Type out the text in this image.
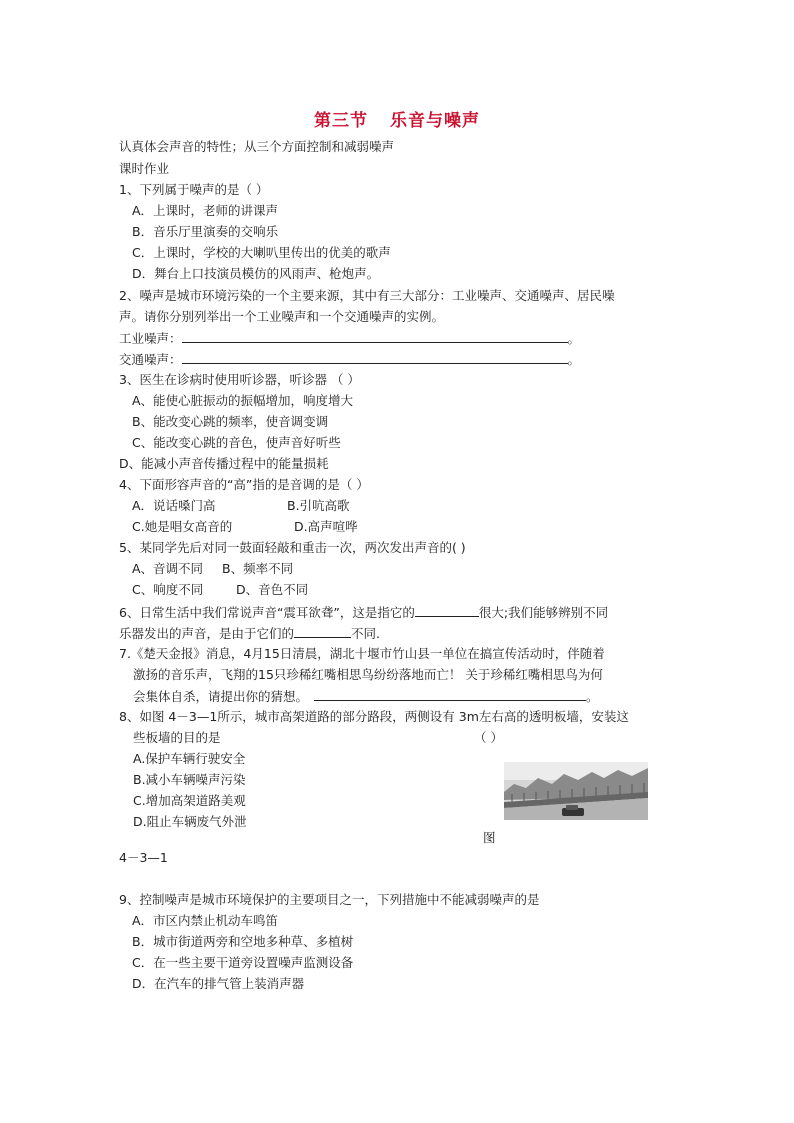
第三节 乐音与噪声
认真体会声音的特性；从三个方面控制和减弱噪声
课时作业
1、下列属于噪声的是（ ）
A．上课时，老师的讲课声
B．音乐厅里演奏的交响乐
C．上课时，学校的大喇叭里传出的优美的歌声
D．舞台上口技演员模仿的风雨声、枪炮声。
2、噪声是城市环境污染的一个主要来源，其中有三大部分：工业噪声、交通噪声、居民噪
声。请你分别列举出一个工业噪声和一个交通噪声的实例。
工业噪声：	。
交通噪声：	。
3、医生在诊病时使用听诊器，听诊器 （ ）
A、能使心脏振动的振幅增加，响度增大
B、能改变心跳的频率，使音调变调
C、能改变心跳的音色，使声音好听些
D、能减小声音传播过程中的能量损耗
4、下面形容声音的“高”指的是音调的是（ ）
A．说话嗓门高	B.引吭高歌
C.她是唱女高音的	D.高声喧哗
5、某同学先后对同一鼓面轻敲和重击一次，两次发出声音的( )
A、音调不同 B、频率不同
C、响度不同	D、音色不同
6、日常生活中我们常说声音“震耳欲聋”，这是指它的	很大;我们能够辨别不同
乐器发出的声音，是由于它们的	不同.
7.《楚天金报》消息，4月15日清晨，湖北十堰市竹山县一单位在搞宣传活动时，伴随着
激扬的音乐声，飞翔的15只珍稀红嘴相思鸟纷纷落地而亡！ 关于珍稀红嘴相思鸟为何
会集体自杀，请提出你的猜想。	。
8、如图 4－3—1所示，城市高架道路的部分路段，两侧设有 3m左右高的透明板墙，安装这
些板墙的目的是	（ ）
A.保护车辆行驶安全
B.减小车辆噪声污染
C.增加高架道路美观
D.阻止车辆废气外泄
图
4－3—1
9、控制噪声是城市环境保护的主要项目之一，下列措施中不能减弱噪声的是
A．市区内禁止机动车鸣笛
B．城市街道两旁和空地多种草、多植树
C．在一些主要干道旁设置噪声监测设备
D．在汽车的排气管上装消声器
